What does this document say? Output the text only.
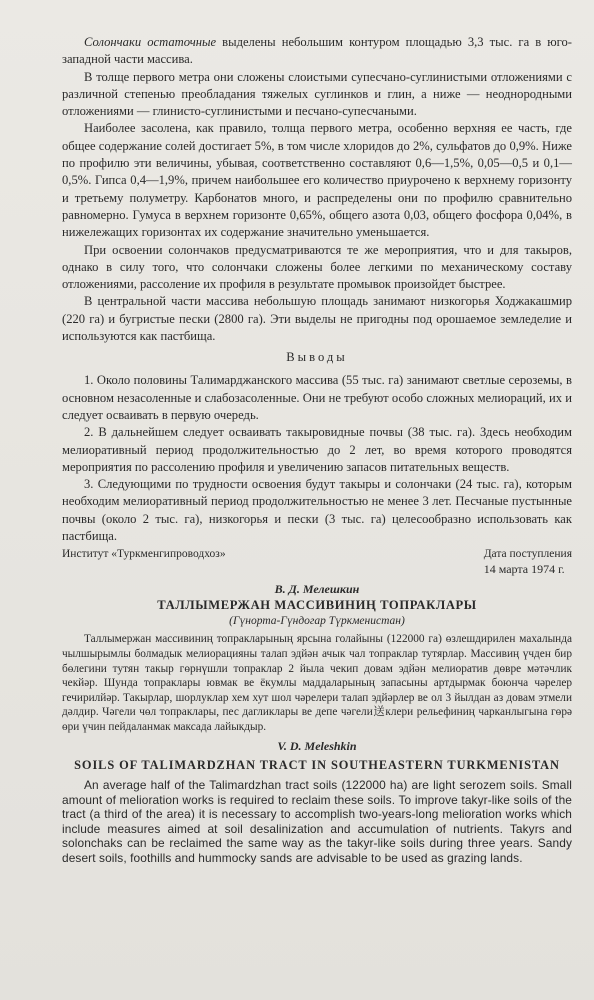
Солончаки остаточные выделены небольшим контуром площадью 3,3 тыс. га в юго-западной части массива.

В толще первого метра они сложены слоистыми супесчано-суглинистыми отложениями с различной степенью преобладания тяжелых суглинков и глин, а ниже — неоднородными отложениями — глинисто-суглинистыми и песчано-супесчаными.

Наиболее засолена, как правило, толща первого метра, особенно верхняя ее часть, где общее содержание солей достигает 5%, в том числе хлоридов до 2%, сульфатов до 0,9%. Ниже по профилю эти величины, убывая, соответственно составляют 0,6—1,5%, 0,05—0,5 и 0,1—0,5%. Гипса 0,4—1,9%, причем наибольшее его количество приурочено к верхнему горизонту и третьему полуметру. Карбонатов много, и распределены они по профилю сравнительно равномерно. Гумуса в верхнем горизонте 0,65%, общего азота 0,03, общего фосфора 0,04%, в нижележащих горизонтах их содержание значительно уменьшается.

При освоении солончаков предусматриваются те же мероприятия, что и для такыров, однако в силу того, что солончаки сложены более легкими по механическому составу отложениями, рассоление их профиля в результате промывок произойдет быстрее.

В центральной части массива небольшую площадь занимают низкогорья Ходжакашмир (220 га) и бугристые пески (2800 га). Эти выделы не пригодны под орошаемое земледелие и используются как пастбища.

Выводы

1. Около половины Талимарджанского массива (55 тыс. га) занимают светлые сероземы, в основном незасоленные и слабозасоленные. Они не требуют особо сложных мелиораций, их и следует осваивать в первую очередь.

2. В дальнейшем следует осваивать такыровидные почвы (38 тыс. га). Здесь необходим мелиоративный период продолжительностью до 2 лет, во время которого проводятся мероприятия по рассолению профиля и увеличению запасов питательных веществ.

3. Следующими по трудности освоения будут такыры и солончаки (24 тыс. га), которым необходим мелиоративный период продолжительностью не менее 3 лет. Песчаные пустынные почвы (около 2 тыс. га), низкогорья и пески (3 тыс. га) целесообразно использовать как пастбища.

Институт «Туркменгипроводхоз»	Дата поступления
14 марта 1974 г.
В. Д. Мелешкин
ТАЛЛЫМЕРЖАН МАССИВИНИҢ ТОПРАКЛАРЫ
(Гүнорта-Гүндогар Түркменистан)

Таллымержан массивиниң топракларының ярсына голайыны (122000 га) өзлешдирилен махалында чылшырымлы болмадык мелиорацияны талап эдйән ачык чал топраклар тутярлар. Массивиң үчден бир бөлегини тутян такыр гөрнүшли топраклар 2 йыла чекип довам эдйән мелиоратив дөвре мәтәчлик чекйәр. Шунда топраклары ювмак ве ёкумлы маддаларының запасыны артдырмак боюнча чәрелер гечирилйәр. Такырлар, шорлуклар хем хут шол чәрелери талап эдйәрлер ве ол 3 йылдан аз довам этмели дәлдир. Чәгели чөл топраклары, пес дагликлары ве депе чәгели送клери рельефиниң чарканлыгына гөрә өри үчин пейдаланмак максада лайыкдыр.

V. D. Meleshkin
SOILS OF TALIMARDZHAN TRACT IN SOUTHEASTERN TURKMENISTAN

An average half of the Talimardzhan tract soils (122000 ha) are light serozem soils. Small amount of melioration works is required to reclaim these soils. To improve takyr-like soils of the tract (a third of the area) it is necessary to accomplish two-years-long melioration works which include measures aimed at soil desalinization and accumulation of nutrients. Takyrs and solonchaks can be reclaimed the same way as the takyr-like soils during three years. Sandy desert soils, foothills and hummocky sands are advisable to be used as grazing lands.
